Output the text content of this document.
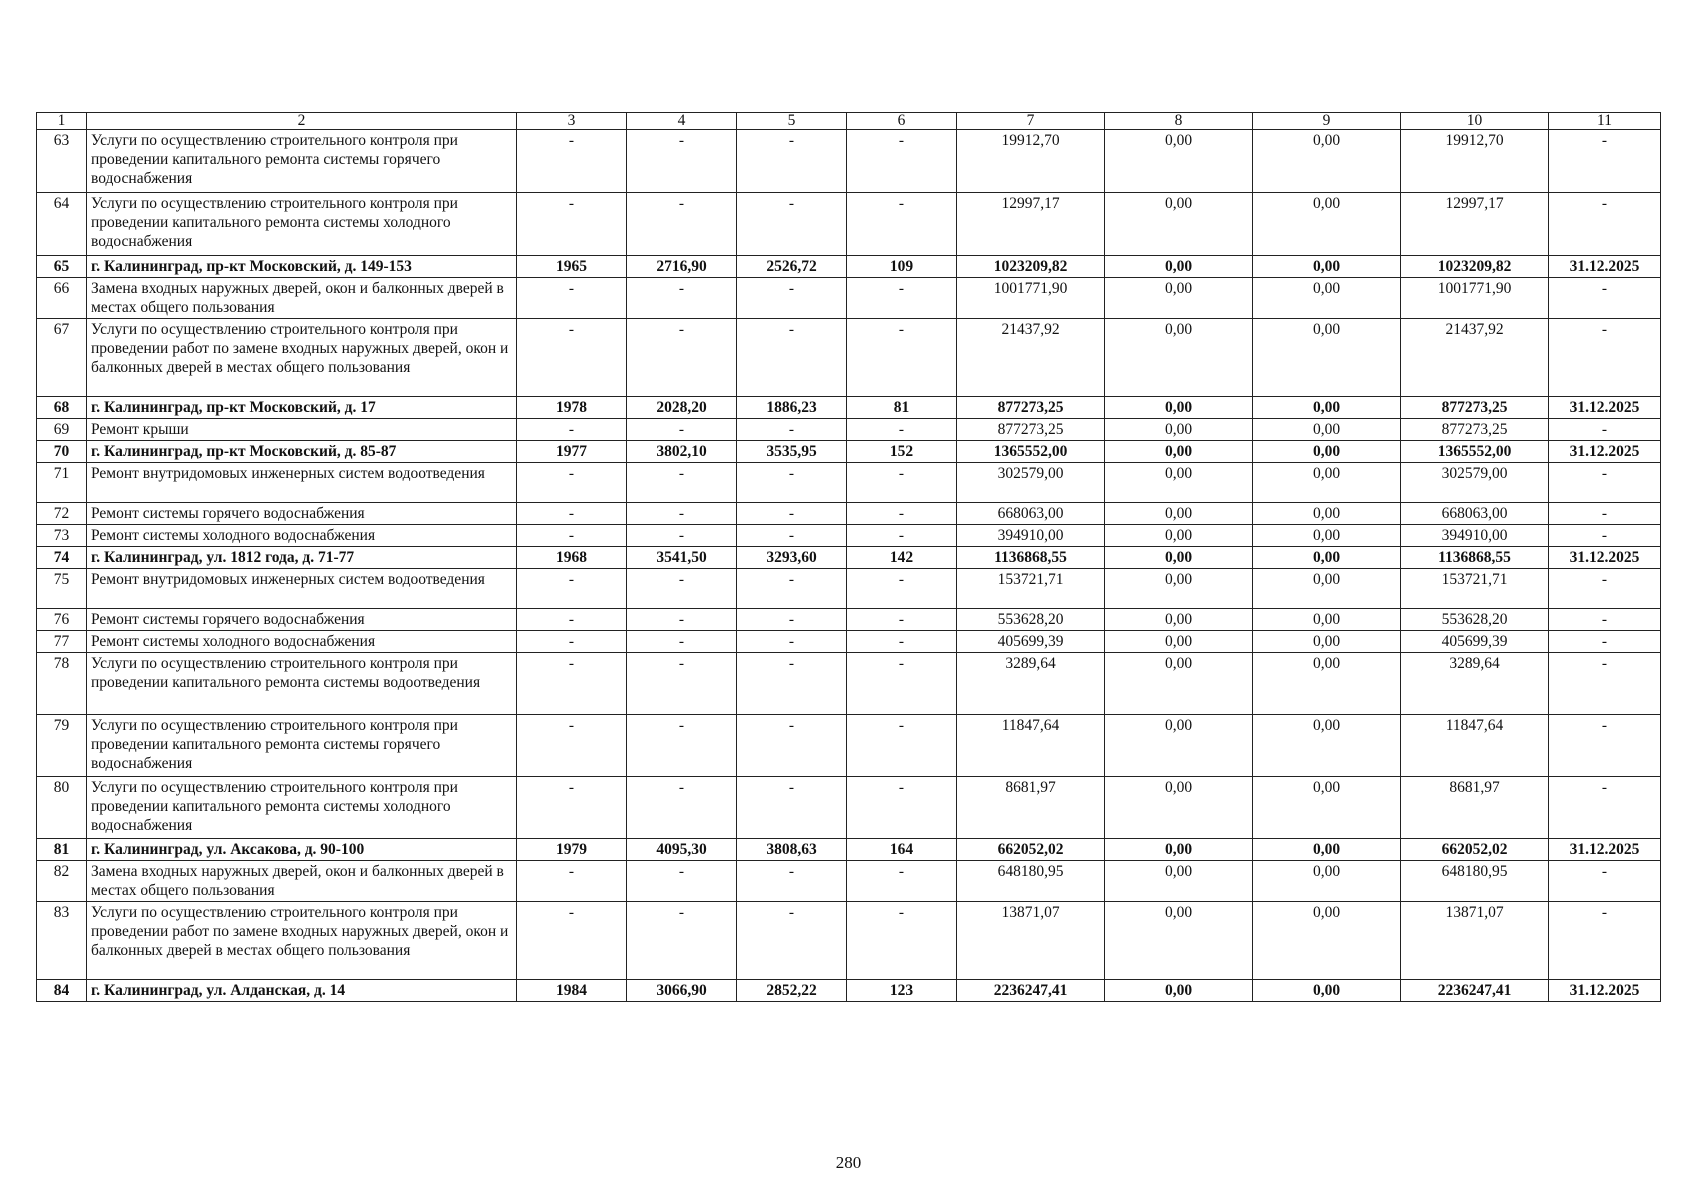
1	2	3	4	5	6	7	8	9	10	11
63	Услуги по осуществлению строительного контроля при проведении капитального ремонта системы горячего водоснабжения	-	-	-	-	19912,70	0,00	0,00	19912,70	-
64	Услуги по осуществлению строительного контроля при проведении капитального ремонта системы холодного водоснабжения	-	-	-	-	12997,17	0,00	0,00	12997,17	-
65	г. Калининград, пр-кт Московский, д. 149-153	1965	2716,90	2526,72	109	1023209,82	0,00	0,00	1023209,82	31.12.2025
66	Замена входных наружных дверей, окон и балконных дверей в местах общего пользования	-	-	-	-	1001771,90	0,00	0,00	1001771,90	-
67	Услуги по осуществлению строительного контроля при проведении работ по замене входных наружных дверей, окон и балконных дверей в местах общего пользования	-	-	-	-	21437,92	0,00	0,00	21437,92	-
68	г. Калининград, пр-кт Московский, д. 17	1978	2028,20	1886,23	81	877273,25	0,00	0,00	877273,25	31.12.2025
69	Ремонт крыши	-	-	-	-	877273,25	0,00	0,00	877273,25	-
70	г. Калининград, пр-кт Московский, д. 85-87	1977	3802,10	3535,95	152	1365552,00	0,00	0,00	1365552,00	31.12.2025
71	Ремонт внутридомовых инженерных систем водоотведения	-	-	-	-	302579,00	0,00	0,00	302579,00	-
72	Ремонт системы горячего водоснабжения	-	-	-	-	668063,00	0,00	0,00	668063,00	-
73	Ремонт системы холодного водоснабжения	-	-	-	-	394910,00	0,00	0,00	394910,00	-
74	г. Калининград, ул. 1812 года, д. 71-77	1968	3541,50	3293,60	142	1136868,55	0,00	0,00	1136868,55	31.12.2025
75	Ремонт внутридомовых инженерных систем водоотведения	-	-	-	-	153721,71	0,00	0,00	153721,71	-
76	Ремонт системы горячего водоснабжения	-	-	-	-	553628,20	0,00	0,00	553628,20	-
77	Ремонт системы холодного водоснабжения	-	-	-	-	405699,39	0,00	0,00	405699,39	-
78	Услуги по осуществлению строительного контроля при проведении капитального ремонта системы водоотведения	-	-	-	-	3289,64	0,00	0,00	3289,64	-
79	Услуги по осуществлению строительного контроля при проведении капитального ремонта системы горячего водоснабжения	-	-	-	-	11847,64	0,00	0,00	11847,64	-
80	Услуги по осуществлению строительного контроля при проведении капитального ремонта системы холодного водоснабжения	-	-	-	-	8681,97	0,00	0,00	8681,97	-
81	г. Калининград, ул. Аксакова, д. 90-100	1979	4095,30	3808,63	164	662052,02	0,00	0,00	662052,02	31.12.2025
82	Замена входных наружных дверей, окон и балконных дверей в местах общего пользования	-	-	-	-	648180,95	0,00	0,00	648180,95	-
83	Услуги по осуществлению строительного контроля при проведении работ по замене входных наружных дверей, окон и балконных дверей в местах общего пользования	-	-	-	-	13871,07	0,00	0,00	13871,07	-
84	г. Калининград, ул. Алданская, д. 14	1984	3066,90	2852,22	123	2236247,41	0,00	0,00	2236247,41	31.12.2025
280
